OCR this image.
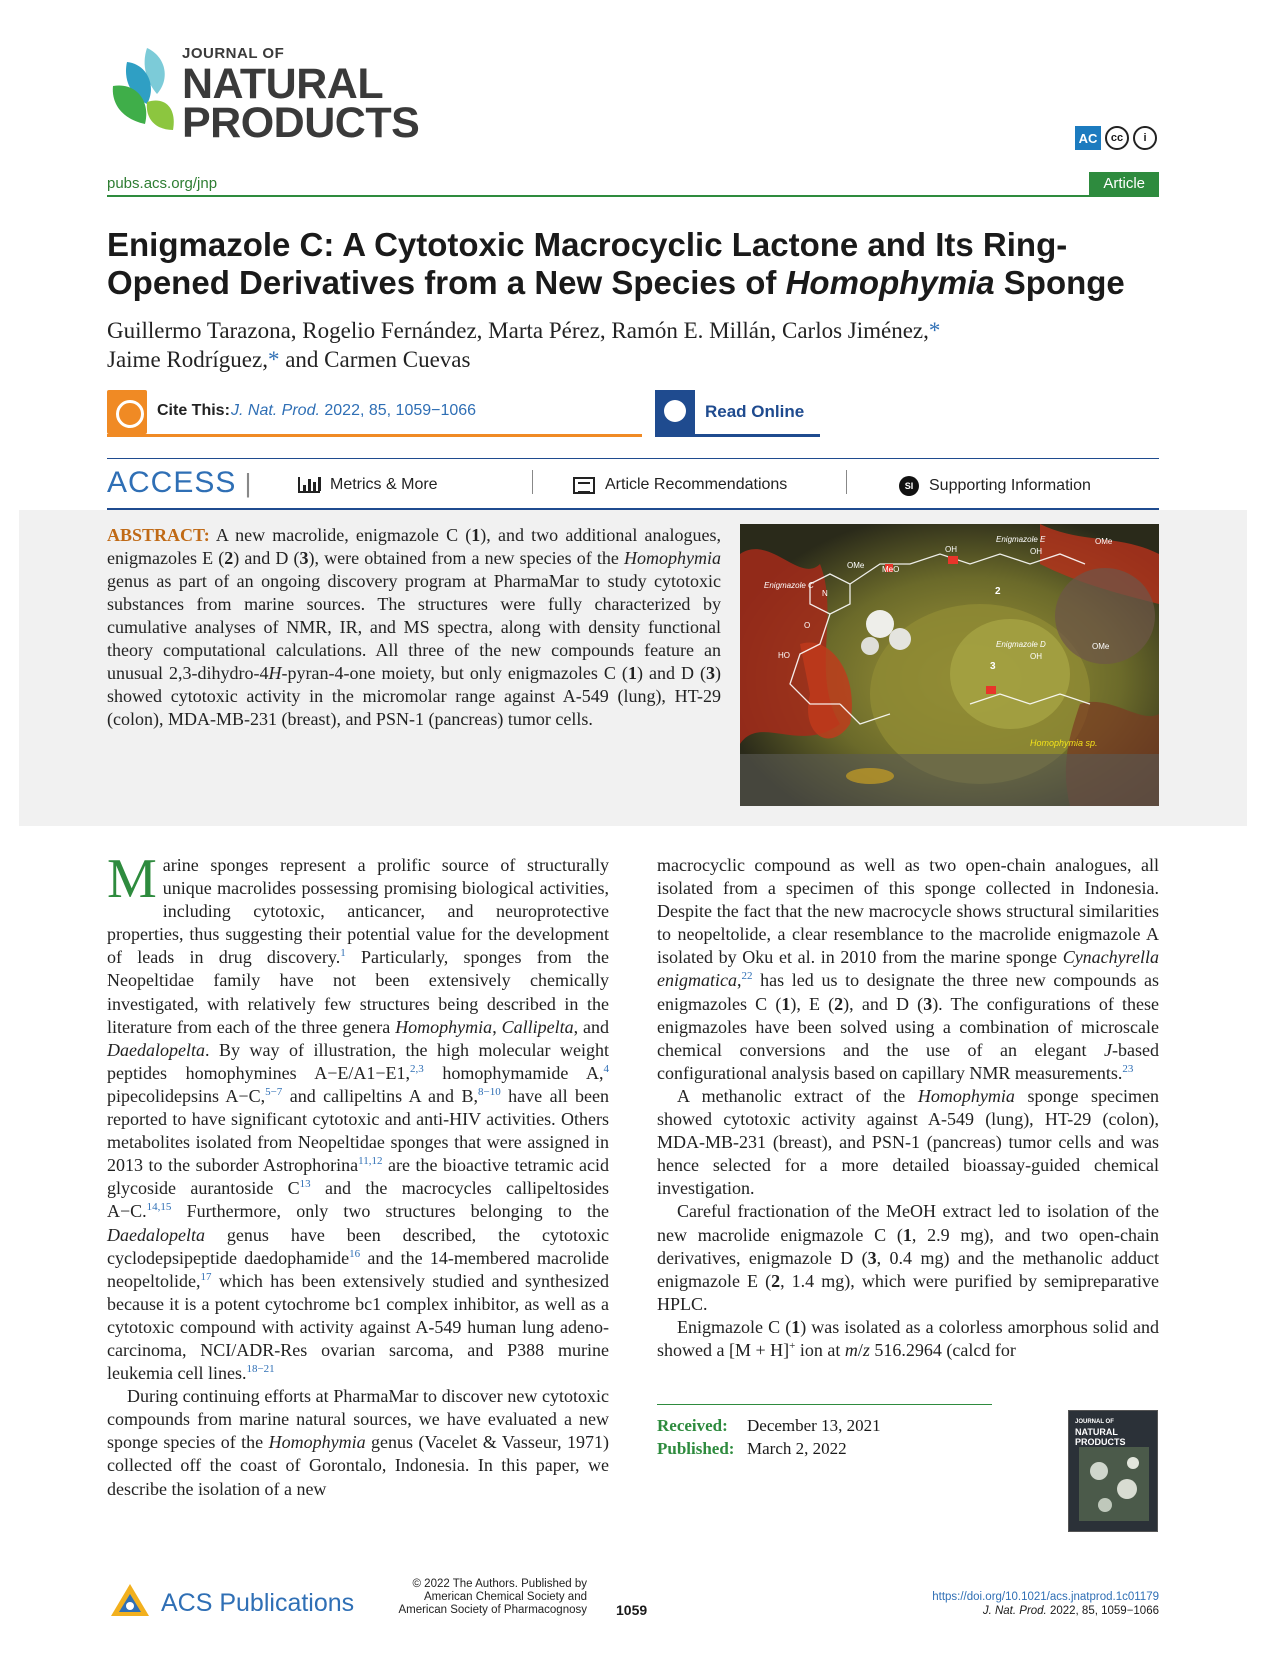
JOURNAL OF
NATURAL
PRODUCTS	AC	cc	i
pubs.acs.org/jnp	Article
Enigmazole C: A Cytotoxic Macrocyclic Lactone and Its Ring-Opened Derivatives from a New Species of Homophymia Sponge
Guillermo Tarazona, Rogelio Fernández, Marta Pérez, Ramón E. Millán, Carlos Jiménez,*
Jaime Rodríguez,* and Carmen Cuevas
Cite This: J. Nat. Prod. 2022, 85, 1059−1066	Read Online
ACCESS |	Metrics & More	Article Recommendations	SI Supporting Information
ABSTRACT: A new macrolide, enigmazole C (1), and two additional analogues, enigmazoles E (2) and D (3), were obtained from a new species of the Homophymia genus as part of an ongoing discovery program at PharmaMar to study cytotoxic substances from marine sources. The structures were fully characterized by cumulative analyses of NMR, IR, and MS spectra, along with density functional theory computational calculations. All three of the new compounds feature an unusual 2,3-dihydro-4H-pyran-4-one moiety, but only enigmazoles C (1) and D (3) showed cytotoxic activity in the micromolar range against A-549 (lung), HT-29 (colon), MDA-MB-231 (breast), and PSN-1 (pancreas) tumor cells.
Enigmazole C
Enigmazole E
Enigmazole D
OH
OMe
OH
OMe MeO
OH
OMe
HO
N
O
2
3
Homophymia sp.

Marine sponges represent a prolific source of structurally unique macrolides possessing promising biological activities, including cytotoxic, anticancer, and neuroprotective properties, thus suggesting their potential value for the development of leads in drug discovery.$^1$ Particularly, sponges from the Neopeltidae family have not been extensively chemically investigated, with relatively few structures being described in the literature from each of the three genera Homophymia, Callipelta, and Daedalopelta. By way of illustration, the high molecular weight peptides homophymines A−E/A1−E1,$^{2,3}$ homophymamide A,$^4$ pipecolidepsins A−C,$^{5-7}$ and callipeltins A and B,$^{8-10}$ have all been reported to have significant cytotoxic and anti-HIV activities. Others metabolites isolated from Neopeltidae sponges that were assigned in 2013 to the suborder Astrophorina$^{11,12}$ are the bioactive tetramic acid glycoside aurantoside $C^{13}$ and the macrocycles callipeltosides A−C.$^{14,15}$ Furthermore, only two structures belonging to the Daedalopelta genus have been described, the cytotoxic cyclodepsipeptide daedophamide$^{16}$ and the 14-membered macrolide neopeltolide,$^{17}$ which has been extensively studied and synthesized because it is a potent cytochrome bc1 complex inhibitor, as well as a cytotoxic compound with activity against A-549 human lung adeno-carcinoma, NCI/ADR-Res ovarian sarcoma, and P388 murine leukemia cell lines.$^{18-21}$

During continuing efforts at PharmaMar to discover new cytotoxic compounds from marine natural sources, we have evaluated a new sponge species of the Homophymia genus (Vacelet & Vasseur, 1971) collected off the coast of Gorontalo, Indonesia. In this paper, we describe the isolation of a new

macrocyclic compound as well as two open-chain analogues, all isolated from a specimen of this sponge collected in Indonesia. Despite the fact that the new macrocycle shows structural similarities to neopeltolide, a clear resemblance to the macrolide enigmazole A isolated by Oku et al. in 2010 from the marine sponge Cynachyrella enigmatica,$^{22}$ has led us to designate the three new compounds as enigmazoles C (1), E (2), and D (3). The configurations of these enigmazoles have been solved using a combination of microscale chemical conversions and the use of an elegant J-based configurational analysis based on capillary NMR measurements.$^{23}$

A methanolic extract of the Homophymia sponge specimen showed cytotoxic activity against A-549 (lung), HT-29 (colon), MDA-MB-231 (breast), and PSN-1 (pancreas) tumor cells and was hence selected for a more detailed bioassay-guided chemical investigation.

Careful fractionation of the MeOH extract led to isolation of the new macrolide enigmazole C (1, 2.9 mg), and two open-chain derivatives, enigmazole D (3, 0.4 mg) and the methanolic adduct enigmazole E (2, 1.4 mg), which were purified by semipreparative HPLC.

Enigmazole C (1) was isolated as a colorless amorphous solid and showed a [M + H]+ ion at m/z 516.2964 (calcd for

Received: December 13, 2021
Published: March 2, 2022
JOURNAL OF
NATURAL
PRODUCTS
ACS Publications
© 2022 The Authors. Published by American Chemical Society and American Society of Pharmacognosy 1059
https://doi.org/10.1021/acs.jnatprod.1c01179
J. Nat. Prod. 2022, 85, 1059−1066
